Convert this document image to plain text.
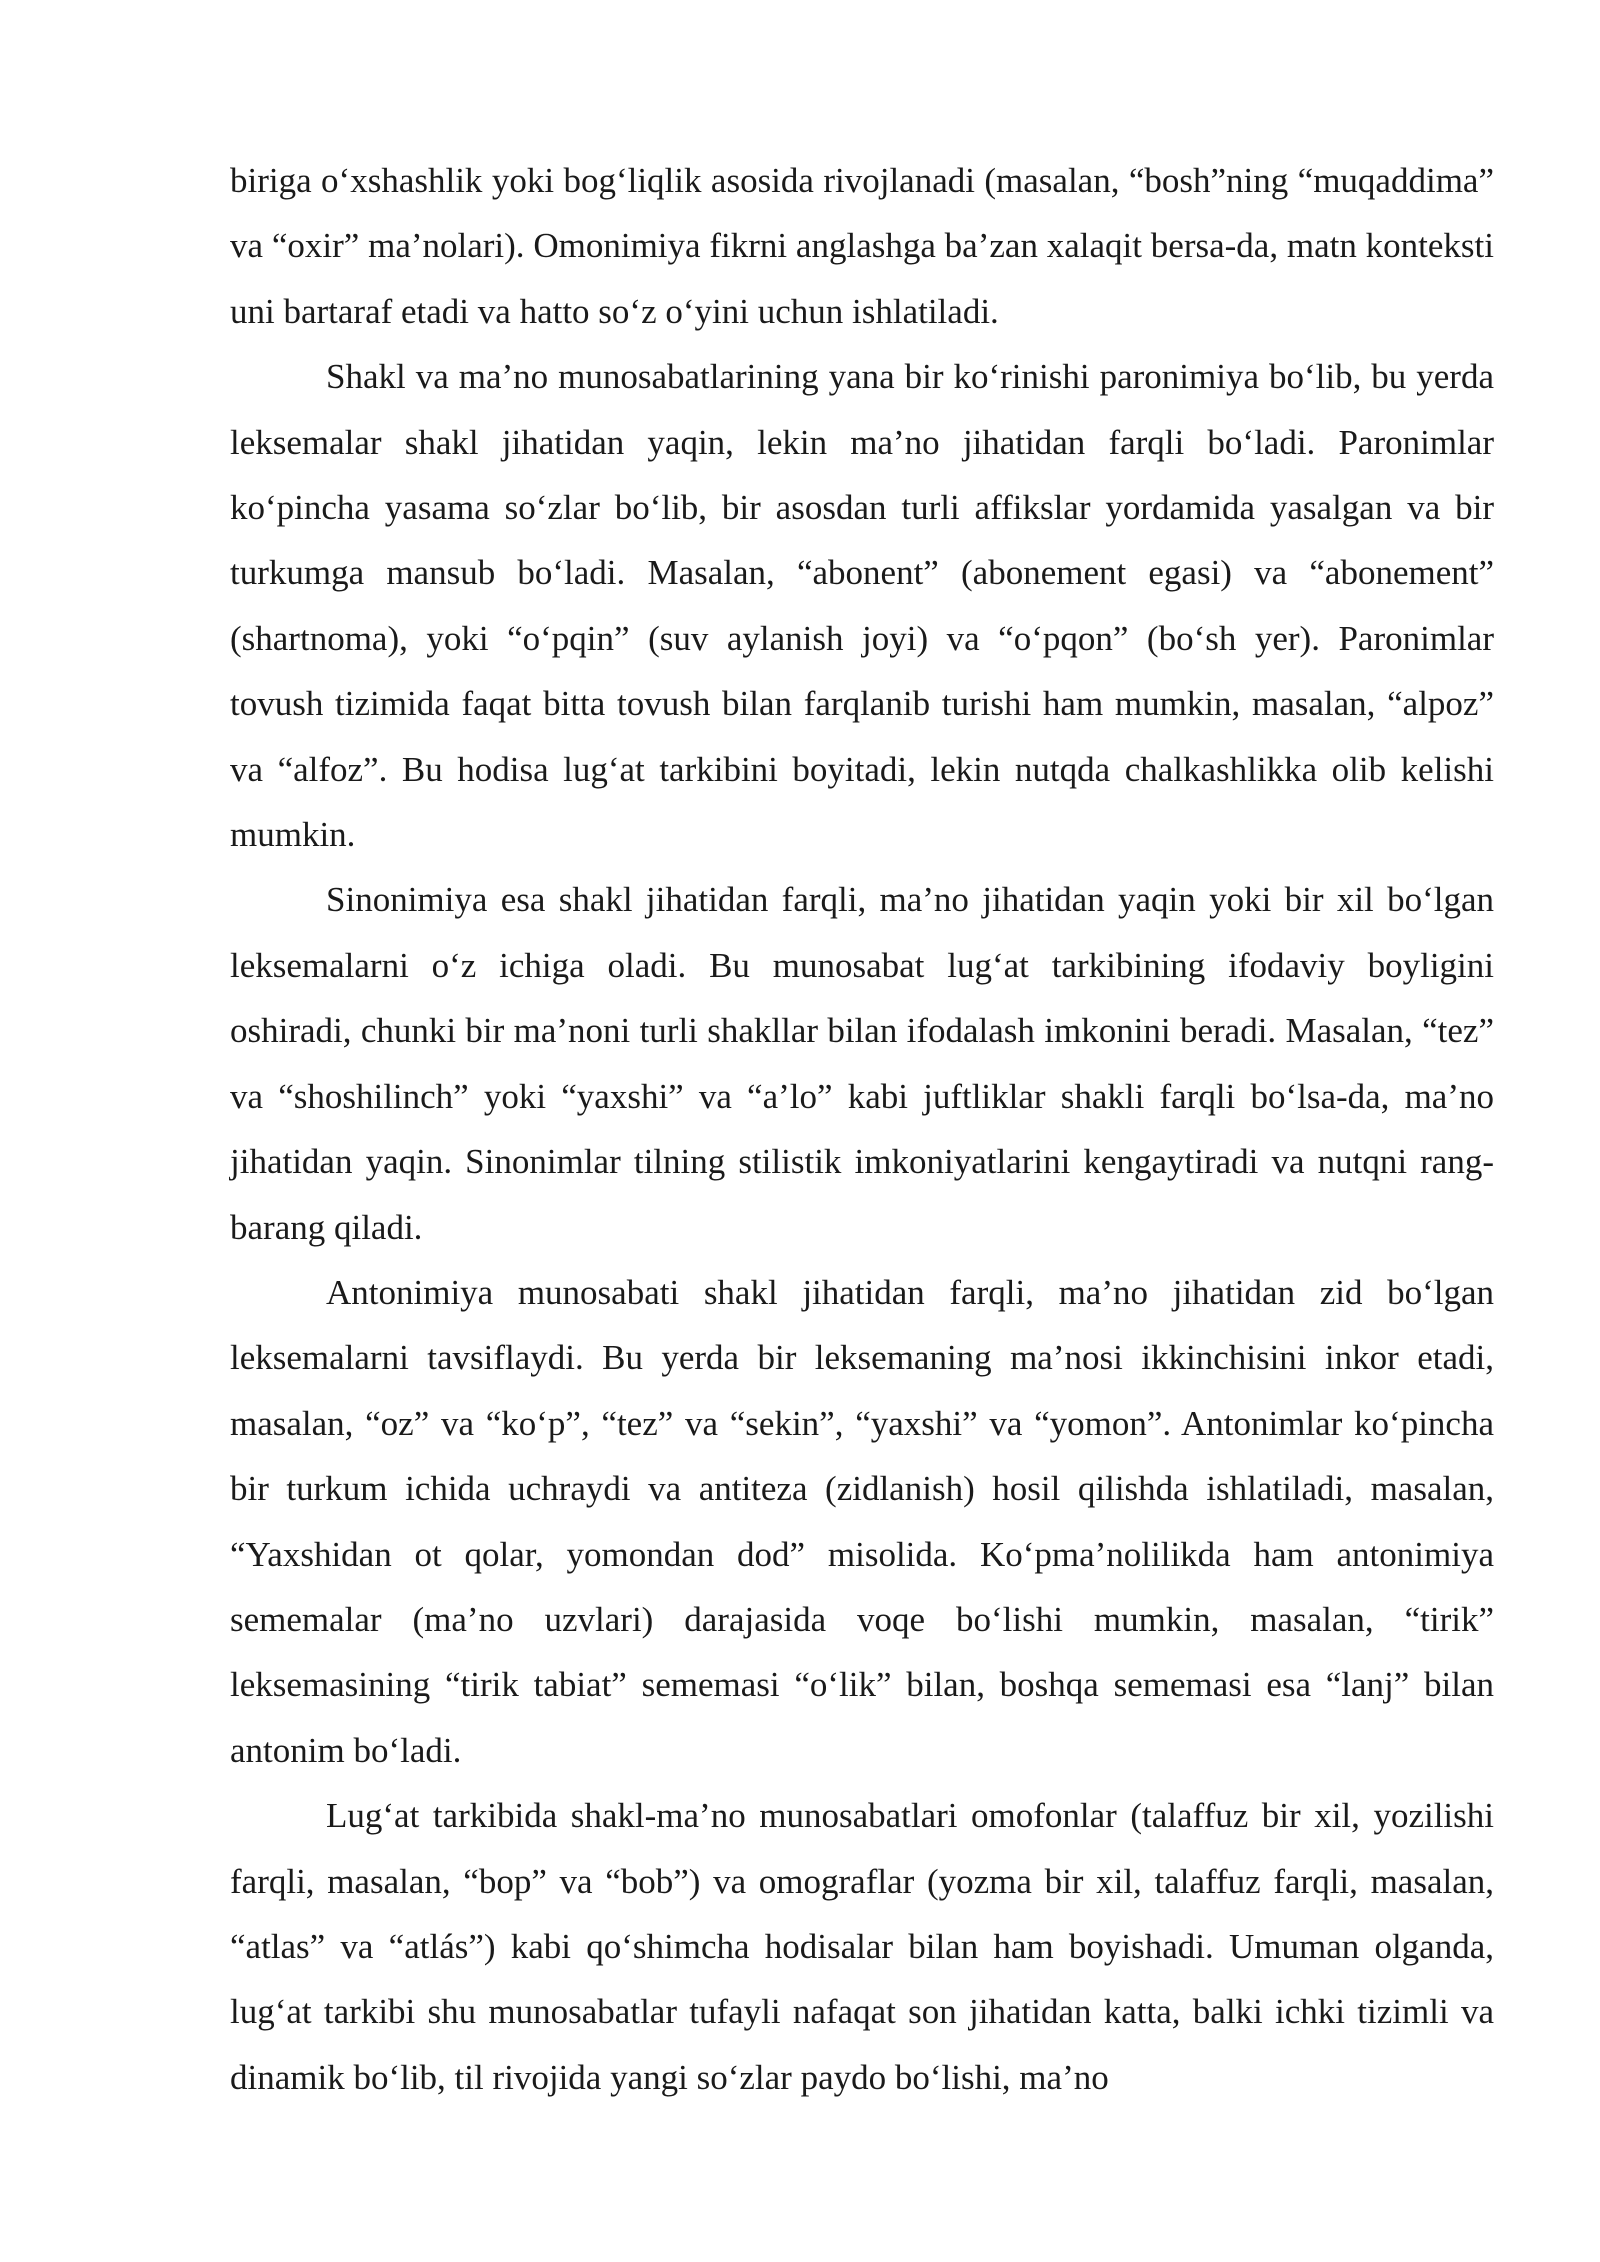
biriga o‘xshashlik yoki bog‘liqlik asosida rivojlanadi (masalan, “bosh”ning “muqaddima” va “oxir” ma’nolari). Omonimiya fikrni anglashga ba’zan xalaqit bersa-da, matn konteksti uni bartaraf etadi va hatto so‘z o‘yini uchun ishlatiladi.

Shakl va ma’no munosabatlarining yana bir ko‘rinishi paronimiya bo‘lib, bu yerda leksemalar shakl jihatidan yaqin, lekin ma’no jihatidan farqli bo‘ladi. Paronimlar ko‘pincha yasama so‘zlar bo‘lib, bir asosdan turli affikslar yordamida yasalgan va bir turkumga mansub bo‘ladi. Masalan, “abonent” (abonement egasi) va “abonement” (shartnoma), yoki “o‘pqin” (suv aylanish joyi) va “o‘pqon” (bo‘sh yer). Paronimlar tovush tizimida faqat bitta tovush bilan farqlanib turishi ham mumkin, masalan, “alpoz” va “alfoz”. Bu hodisa lug‘at tarkibini boyitadi, lekin nutqda chalkashlikka olib kelishi mumkin.

Sinonimiya esa shakl jihatidan farqli, ma’no jihatidan yaqin yoki bir xil bo‘lgan leksemalarni o‘z ichiga oladi. Bu munosabat lug‘at tarkibining ifodaviy boyligini oshiradi, chunki bir ma’noni turli shakllar bilan ifodalash imkonini beradi. Masalan, “tez” va “shoshilinch” yoki “yaxshi” va “a’lo” kabi juftliklar shakli farqli bo‘lsa-da, ma’no jihatidan yaqin. Sinonimlar tilning stilistik imkoniyatlarini kengaytiradi va nutqni rang-barang qiladi.

Antonimiya munosabati shakl jihatidan farqli, ma’no jihatidan zid bo‘lgan leksemalarni tavsiflaydi. Bu yerda bir leksemaning ma’nosi ikkinchisini inkor etadi, masalan, “oz” va “ko‘p”, “tez” va “sekin”, “yaxshi” va “yomon”. Antonimlar ko‘pincha bir turkum ichida uchraydi va antiteza (zidlanish) hosil qilishda ishlatiladi, masalan, “Yaxshidan ot qolar, yomondan dod” misolida. Ko‘pma’nolilikda ham antonimiya sememalar (ma’no uzvlari) darajasida voqe bo‘lishi mumkin, masalan, “tirik” leksemasining “tirik tabiat” sememasi “o‘lik” bilan, boshqa sememasi esa “lanj” bilan antonim bo‘ladi.

Lug‘at tarkibida shakl-ma’no munosabatlari omofonlar (talaffuz bir xil, yozilishi farqli, masalan, “bop” va “bob”) va omograflar (yozma bir xil, talaffuz farqli, masalan, “atlas” va “atlás”) kabi qo‘shimcha hodisalar bilan ham boyishadi. Umuman olganda, lug‘at tarkibi shu munosabatlar tufayli nafaqat son jihatidan katta, balki ichki tizimli va dinamik bo‘lib, til rivojida yangi so‘zlar paydo bo‘lishi, ma’no
